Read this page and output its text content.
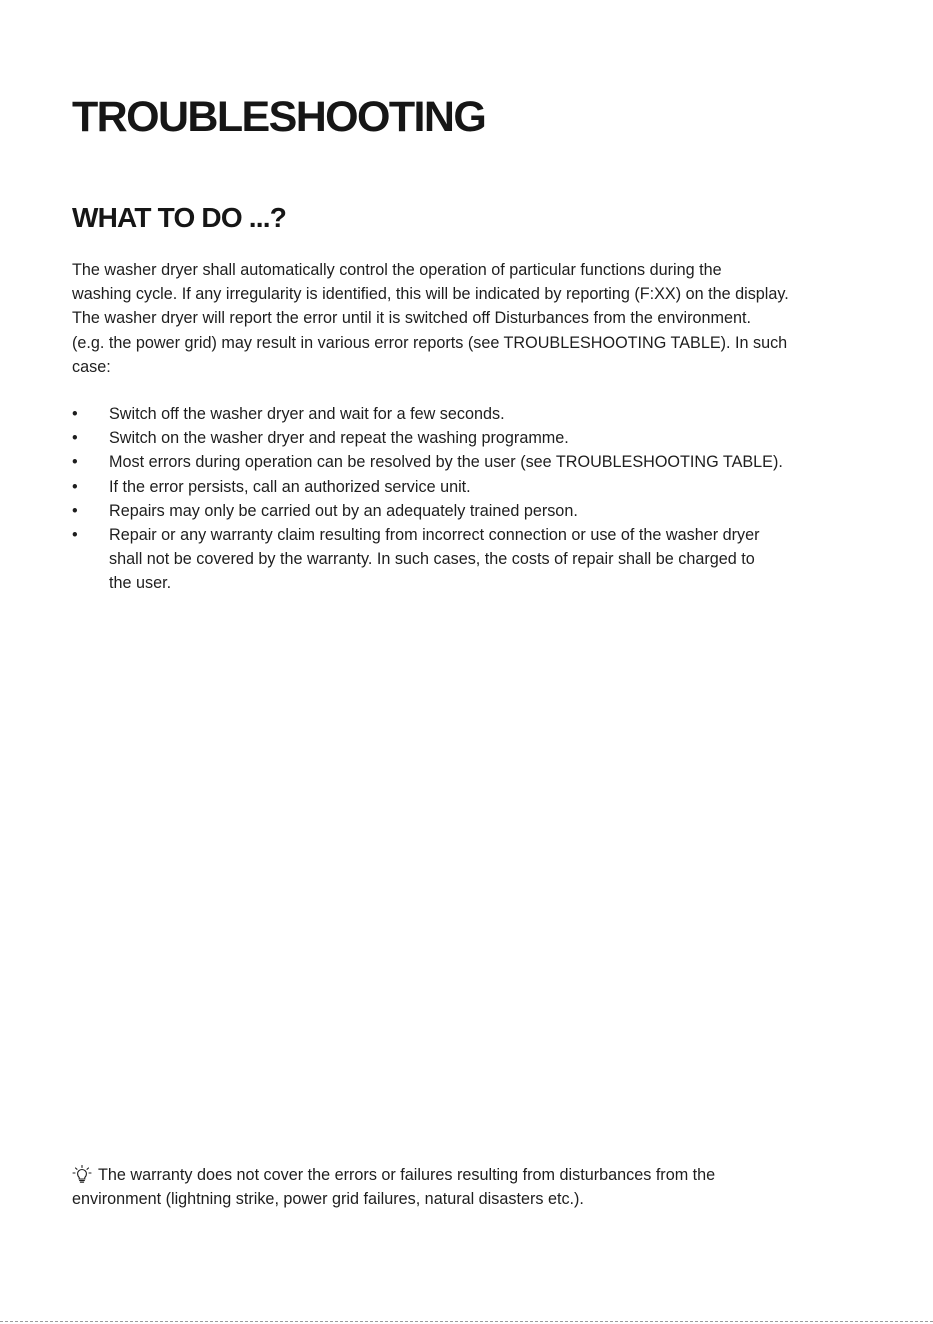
TROUBLESHOOTING
WHAT TO DO ...?
The washer dryer shall automatically control the operation of particular functions during the
washing cycle. If any irregularity is identified, this will be indicated by reporting (F:XX) on the display.
The washer dryer will report the error until it is switched off Disturbances from the environment.
(e.g. the power grid) may result in various error reports (see TROUBLESHOOTING TABLE). In such
case:
• Switch off the washer dryer and wait for a few seconds.
• Switch on the washer dryer and repeat the washing programme.
• Most errors during operation can be resolved by the user (see TROUBLESHOOTING TABLE).
• If the error persists, call an authorized service unit.
• Repairs may only be carried out by an adequately trained person.
• Repair or any warranty claim resulting from incorrect connection or use of the washer dryer
shall not be covered by the warranty. In such cases, the costs of repair shall be charged to
the user.
The warranty does not cover the errors or failures resulting from disturbances from the
environment (lightning strike, power grid failures, natural disasters etc.).
